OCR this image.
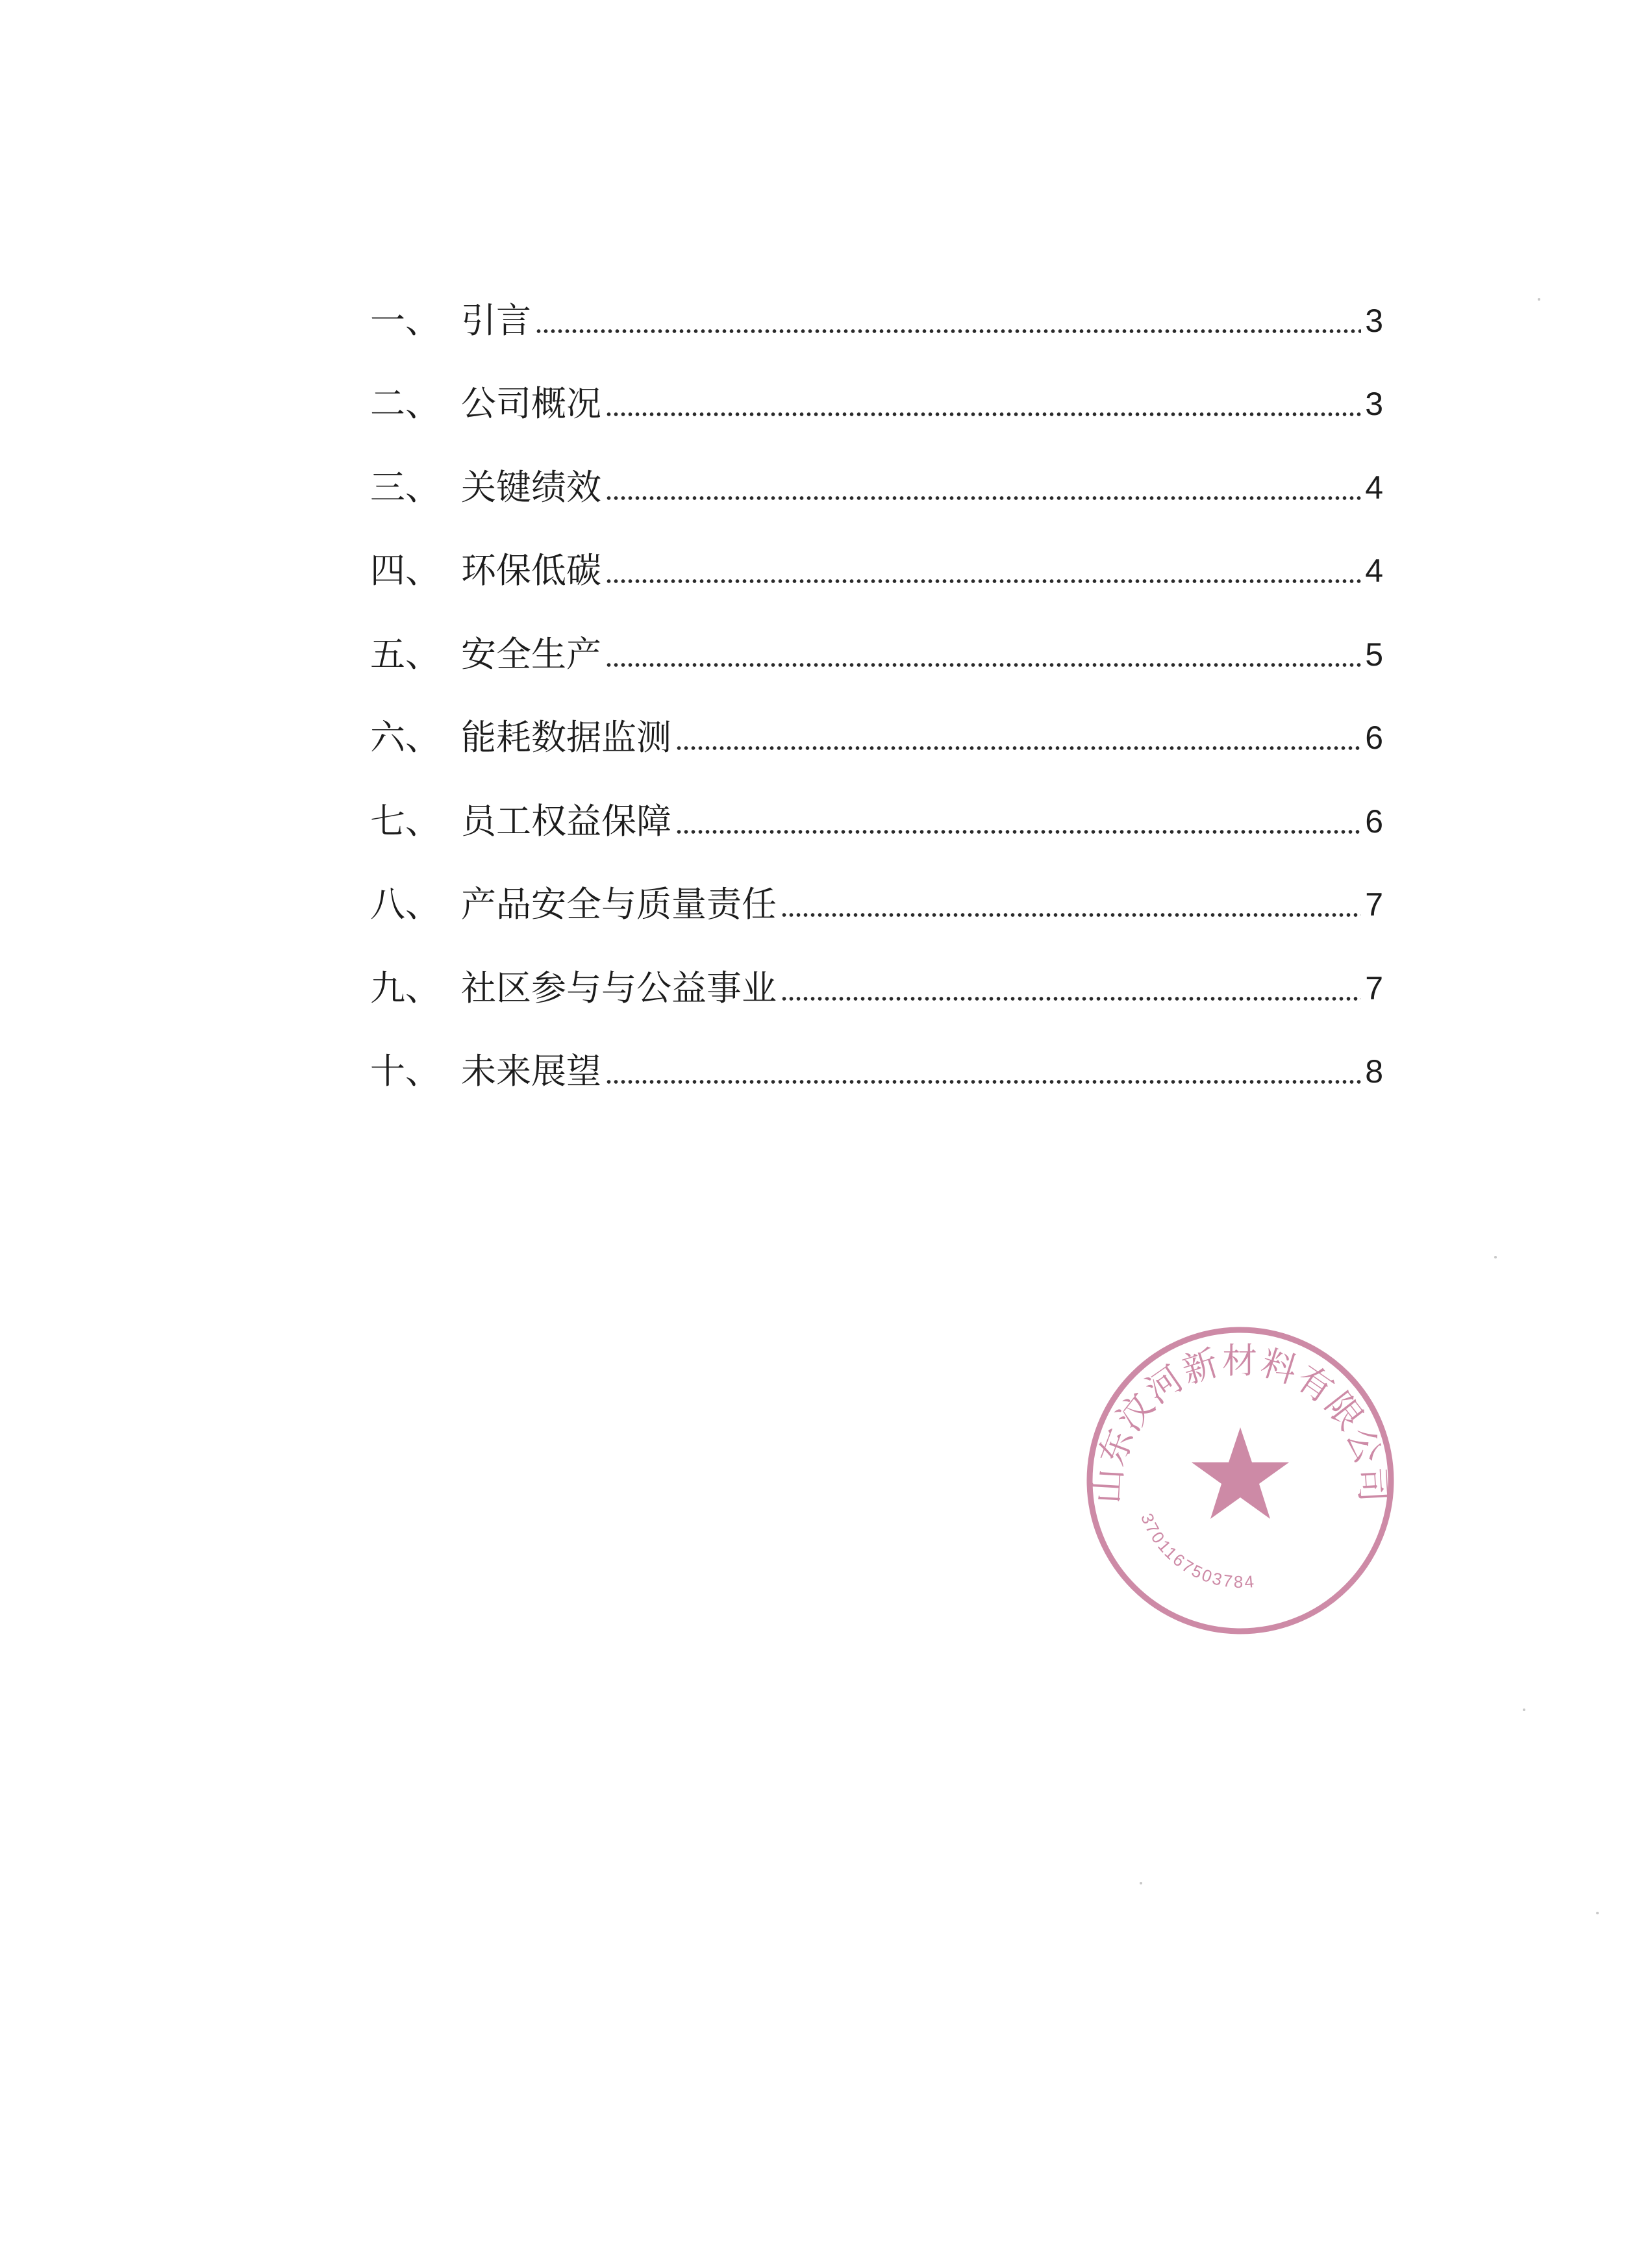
一、 引言	3
二、 公司概况	3
三、 关键绩效	4
四、 环保低碳	4
五、 安全生产	5
六、 能耗数据监测	6
七、 员工权益保障	6
八、 产品安全与质量责任	7
九、 社区参与与公益事业	7
十、 未来展望	8
山东汶河新材料有限公司
3701167503784
